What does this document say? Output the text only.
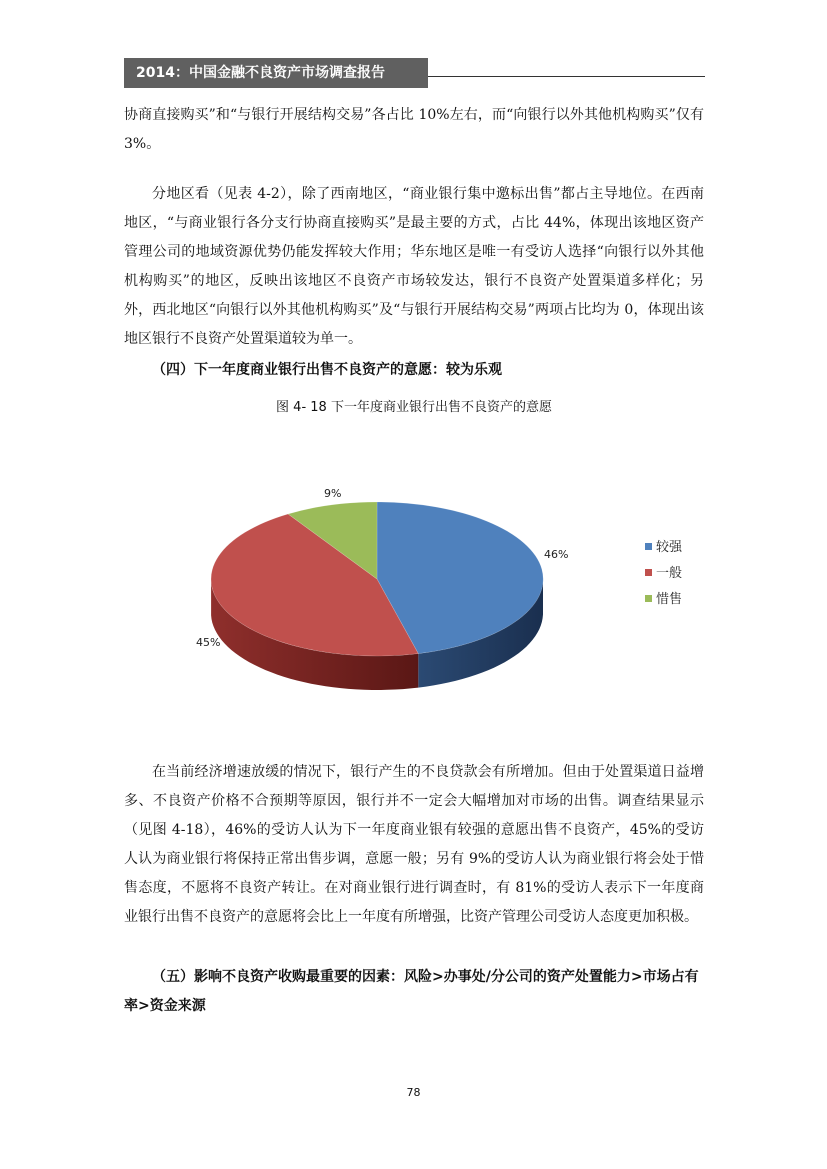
2014：中国金融不良资产市场调查报告

协商直接购买”和“与银行开展结构交易”各占比 10%左右，而“向银行以外其他机构购买”仅有 3%。

分地区看（见表 4-2），除了西南地区，“商业银行集中邀标出售”都占主导地位。在西南地区，“与商业银行各分支行协商直接购买”是最主要的方式，占比 44%，体现出该地区资产管理公司的地域资源优势仍能发挥较大作用；华东地区是唯一有受访人选择“向银行以外其他机构购买”的地区，反映出该地区不良资产市场较发达，银行不良资产处置渠道多样化；另外，西北地区“向银行以外其他机构购买”及“与银行开展结构交易”两项占比均为 0，体现出该地区银行不良资产处置渠道较为单一。

（四）下一年度商业银行出售不良资产的意愿：较为乐观

图 4- 18 下一年度商业银行出售不良资产的意愿
46%
45%
9%
较强
一般
惜售

在当前经济增速放缓的情况下，银行产生的不良贷款会有所增加。但由于处置渠道日益增多、不良资产价格不合预期等原因，银行并不一定会大幅增加对市场的出售。调查结果显示（见图 4-18），46%的受访人认为下一年度商业银有较强的意愿出售不良资产，45%的受访人认为商业银行将保持正常出售步调，意愿一般；另有 9%的受访人认为商业银行将会处于惜售态度，不愿将不良资产转让。在对商业银行进行调查时，有 81%的受访人表示下一年度商业银行出售不良资产的意愿将会比上一年度有所增强，比资产管理公司受访人态度更加积极。

（五）影响不良资产收购最重要的因素：风险>办事处/分公司的资产处置能力>市场占有率>资金来源

78
